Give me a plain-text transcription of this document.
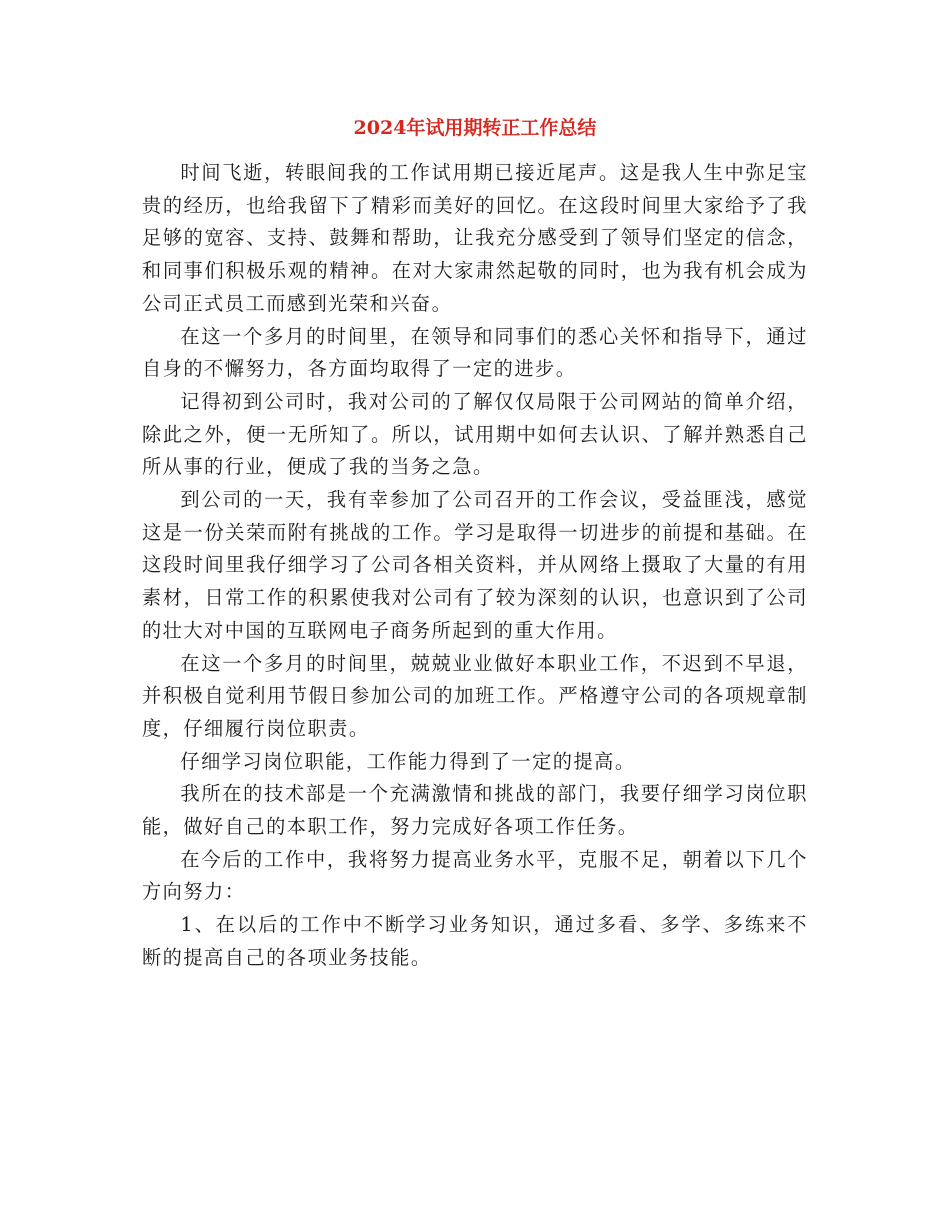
2024年试用期转正工作总结

时间飞逝，转眼间我的工作试用期已接近尾声。这是我人生中弥足宝贵的经历，也给我留下了精彩而美好的回忆。在这段时间里大家给予了我足够的宽容、支持、鼓舞和帮助，让我充分感受到了领导们坚定的信念，和同事们积极乐观的精神。在对大家肃然起敬的同时，也为我有机会成为公司正式员工而感到光荣和兴奋。

在这一个多月的时间里，在领导和同事们的悉心关怀和指导下，通过自身的不懈努力，各方面均取得了一定的进步。

记得初到公司时，我对公司的了解仅仅局限于公司网站的简单介绍，除此之外，便一无所知了。所以，试用期中如何去认识、了解并熟悉自己所从事的行业，便成了我的当务之急。

到公司的一天，我有幸参加了公司召开的工作会议，受益匪浅，感觉这是一份关荣而附有挑战的工作。学习是取得一切进步的前提和基础。在这段时间里我仔细学习了公司各相关资料，并从网络上摄取了大量的有用素材，日常工作的积累使我对公司有了较为深刻的认识，也意识到了公司的壮大对中国的互联网电子商务所起到的重大作用。

在这一个多月的时间里，兢兢业业做好本职业工作，不迟到不早退，并积极自觉利用节假日参加公司的加班工作。严格遵守公司的各项规章制度，仔细履行岗位职责。

仔细学习岗位职能，工作能力得到了一定的提高。

我所在的技术部是一个充满激情和挑战的部门，我要仔细学习岗位职能，做好自己的本职工作，努力完成好各项工作任务。

在今后的工作中，我将努力提高业务水平，克服不足，朝着以下几个方向努力：

1、在以后的工作中不断学习业务知识，通过多看、多学、多练来不断的提高自己的各项业务技能。
